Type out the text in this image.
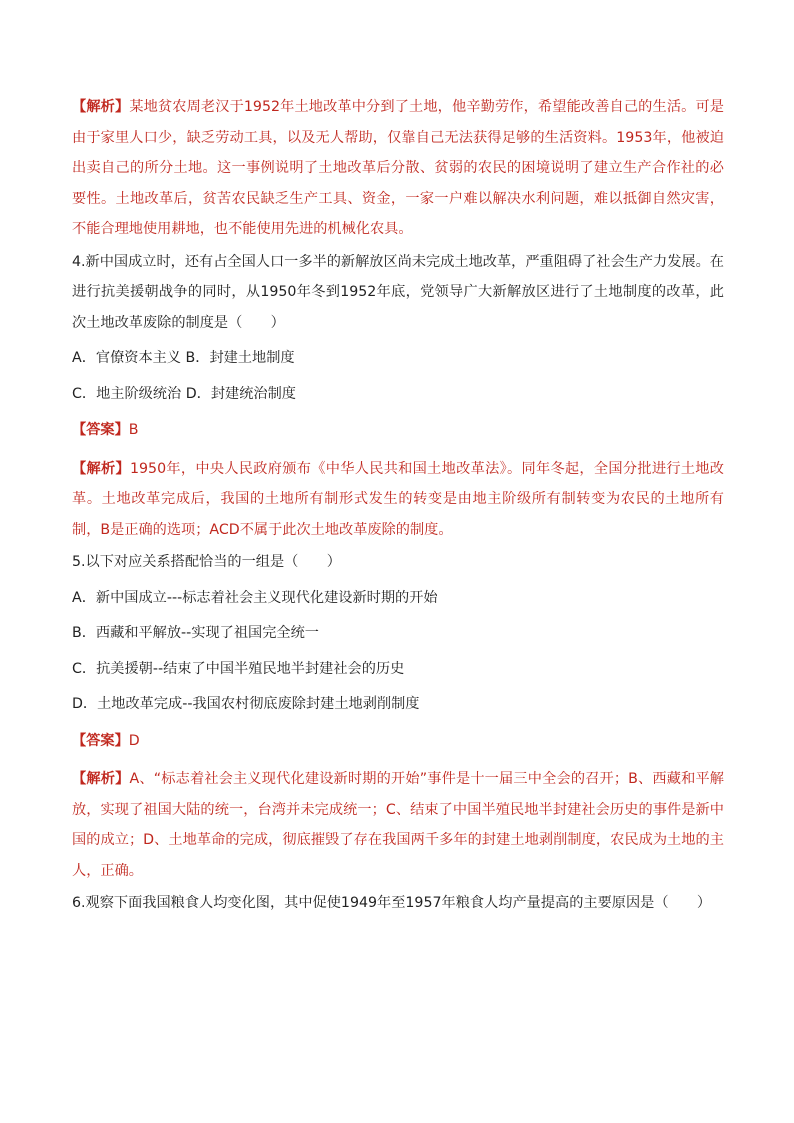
【解析】某地贫农周老汉于1952年土地改革中分到了土地，他辛勤劳作，希望能改善自己的生活。可是由于家里人口少，缺乏劳动工具，以及无人帮助，仅靠自己无法获得足够的生活资料。1953年，他被迫出卖自己的所分土地。这一事例说明了土地改革后分散、贫弱的农民的困境说明了建立生产合作社的必要性。土地改革后，贫苦农民缺乏生产工具、资金，一家一户难以解决水利问题，难以抵御自然灾害，不能合理地使用耕地，也不能使用先进的机械化农具。

4.新中国成立时，还有占全国人口一多半的新解放区尚未完成土地改革，严重阻碍了社会生产力发展。在进行抗美援朝战争的同时，从1950年冬到1952年底，党领导广大新解放区进行了土地制度的改革，此次土地改革废除的制度是（　　）

A．官僚资本主义 B．封建土地制度

C．地主阶级统治 D．封建统治制度

【答案】B

【解析】1950年，中央人民政府颁布《中华人民共和国土地改革法》。同年冬起，全国分批进行土地改革。土地改革完成后，我国的土地所有制形式发生的转变是由地主阶级所有制转变为农民的土地所有制，B是正确的选项；ACD不属于此次土地改革废除的制度。

5.以下对应关系搭配恰当的一组是（　　）

A．新中国成立---标志着社会主义现代化建设新时期的开始

B．西藏和平解放--实现了祖国完全统一

C．抗美援朝--结束了中国半殖民地半封建社会的历史

D．土地改革完成--我国农村彻底废除封建土地剥削制度

【答案】D

【解析】A、“标志着社会主义现代化建设新时期的开始”事件是十一届三中全会的召开；B、西藏和平解放，实现了祖国大陆的统一，台湾并未完成统一；C、结束了中国半殖民地半封建社会历史的事件是新中国的成立；D、土地革命的完成，彻底摧毁了存在我国两千多年的封建土地剥削制度，农民成为土地的主人，正确。

6.观察下面我国粮食人均变化图，其中促使1949年至1957年粮食人均产量提高的主要原因是（　　）
